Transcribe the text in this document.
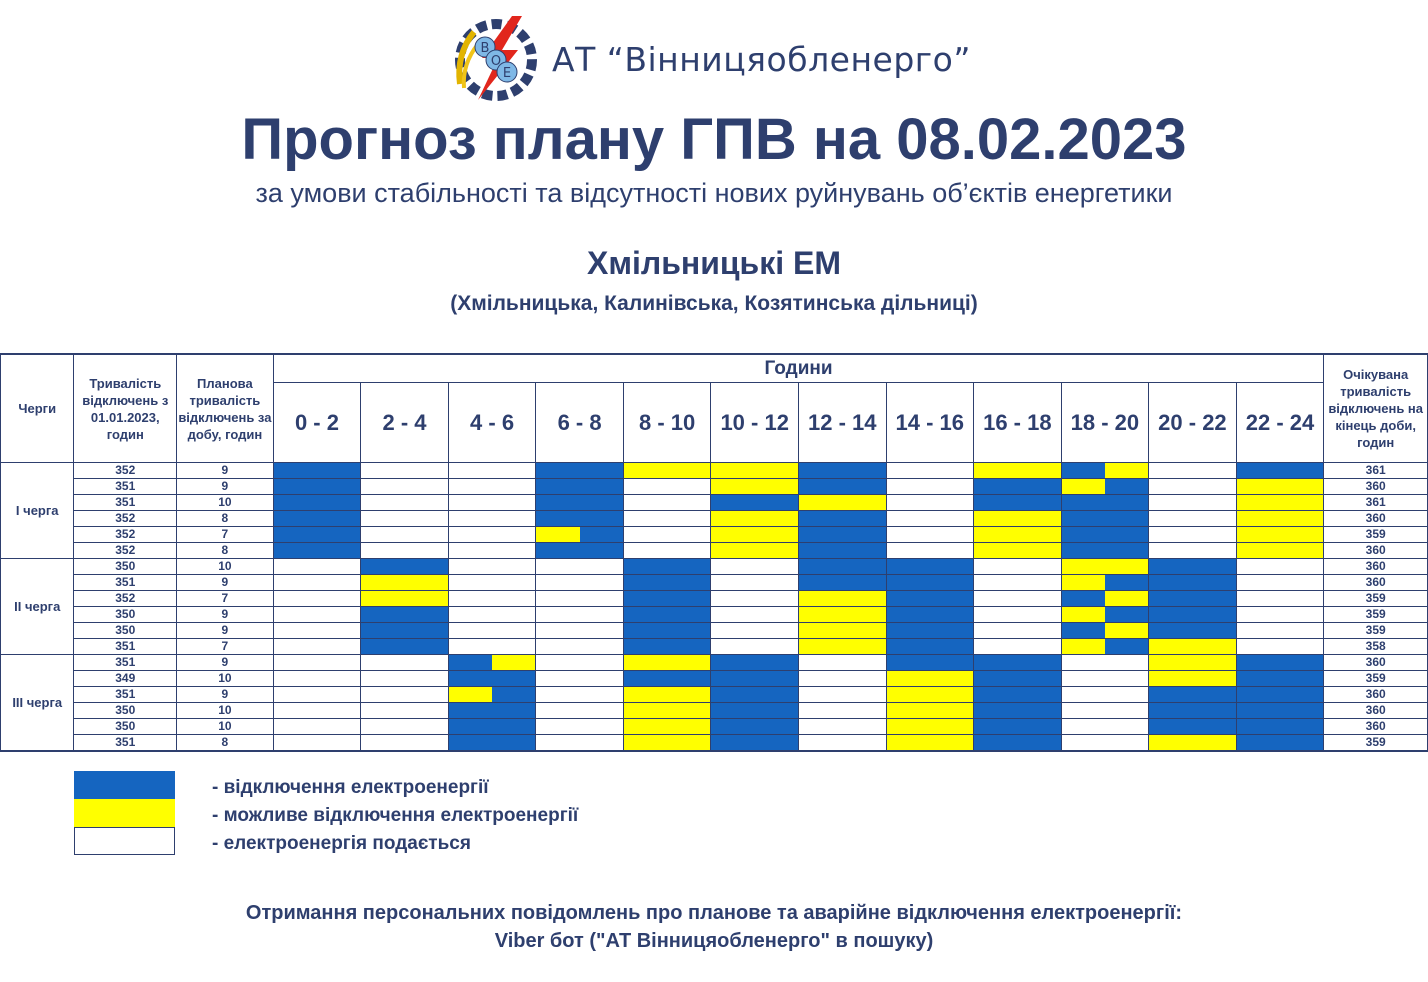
В
О
Е АТ “Вінницяобленерго”
Прогноз плану ГПВ на 08.02.2023
за умови стабільності та відсутності нових руйнувань об’єктів енергетики
Хмільницькі ЕМ
(Хмільницька, Калинівська, Козятинська дільниці)
Черги	Тривалість відключень з 01.01.2023, годин	Планова тривалість відключень за добу, годин	Години												Очікувана тривалість відключень на кінець доби, годин
			0 - 2	2 - 4	4 - 6	6 - 8	8 - 10	10 - 12	12 - 14	14 - 16	16 - 18	18 - 20	20 - 22	22 - 24	
I черга	352	9													361
	351	9													360
	351	10													361
	352	8													360
	352	7													359
	352	8													360
II черга	350	10													360
	351	9													360
	352	7													359
	350	9													359
	350	9													359
	351	7													358
III черга	351	9													360
	349	10													359
	351	9													360
	350	10													360
	350	10													360
	351	8													359
- відключення електроенергії
- можливе відключення електроенергії
- електроенергія подається
Отримання персональних повідомлень про планове та аварійне відключення електроенергії:
Viber бот ("АТ Вінницяобленерго" в пошуку)
